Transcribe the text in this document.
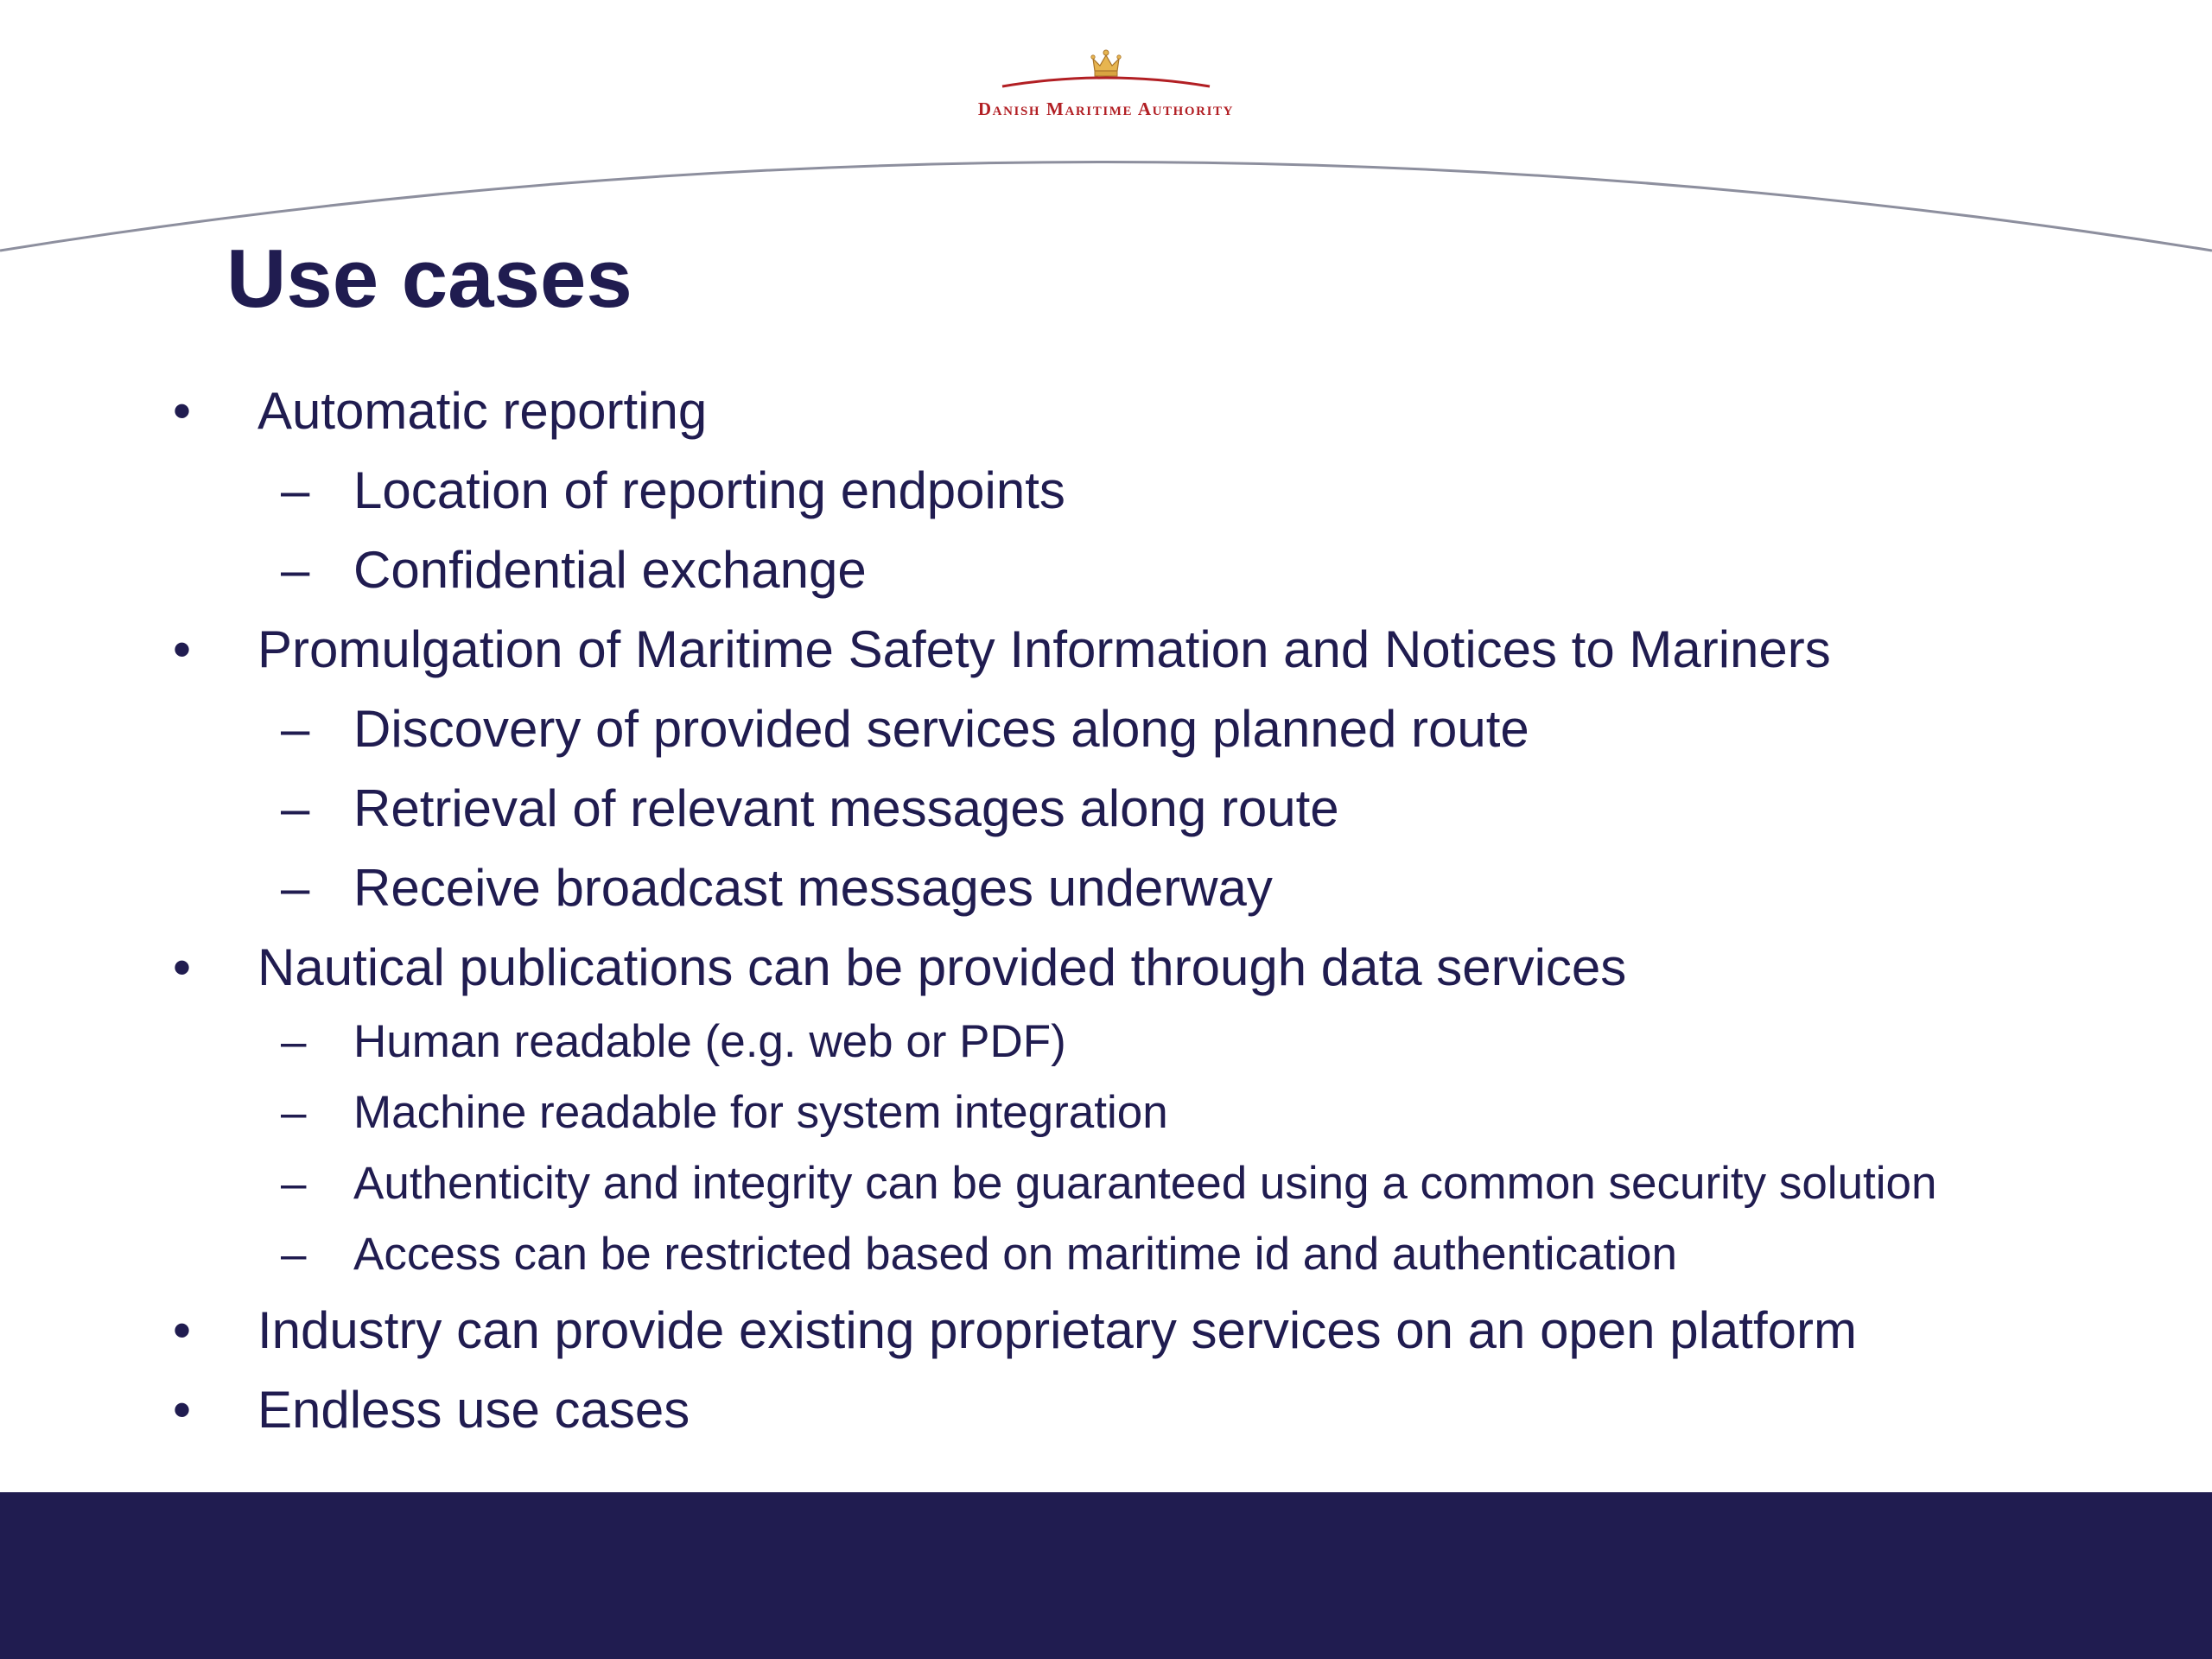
Danish Maritime Authority
Use cases
• Automatic reporting
– Location of reporting endpoints
– Confidential exchange
• Promulgation of Maritime Safety Information and Notices to Mariners
– Discovery of provided services along planned route
– Retrieval of relevant messages along route
– Receive broadcast messages underway
• Nautical publications can be provided through data services
– Human readable (e.g. web or PDF)
– Machine readable for system integration
– Authenticity and integrity can be guaranteed using a common security solution
– Access can be restricted based on maritime id and authentication
• Industry can provide existing proprietary services on an open platform
• Endless use cases
